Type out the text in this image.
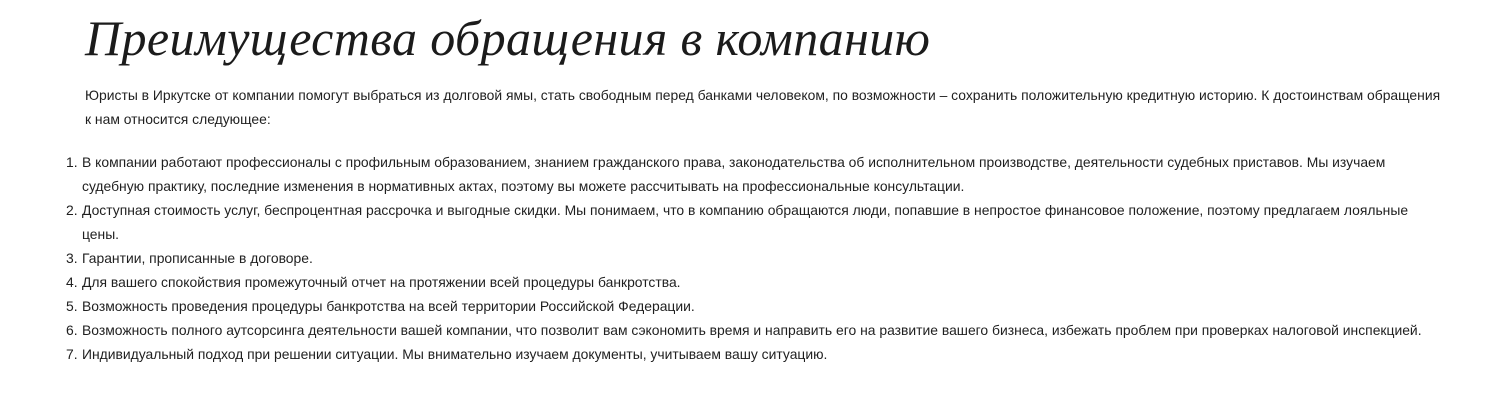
Преимущества обращения в компанию

Юристы в Иркутске от компании помогут выбраться из долговой ямы, стать свободным перед банками человеком, по возможности – сохранить положительную кредитную историю. К достоинствам обращения к нам относится следующее:

1. В компании работают профессионалы с профильным образованием, знанием гражданского права, законодательства об исполнительном производстве, деятельности судебных приставов. Мы изучаем судебную практику, последние изменения в нормативных актах, поэтому вы можете рассчитывать на профессиональные консультации.
2. Доступная стоимость услуг, беспроцентная рассрочка и выгодные скидки. Мы понимаем, что в компанию обращаются люди, попавшие в непростое финансовое положение, поэтому предлагаем лояльные цены.
3. Гарантии, прописанные в договоре.
4. Для вашего спокойствия промежуточный отчет на протяжении всей процедуры банкротства.
5. Возможность проведения процедуры банкротства на всей территории Российской Федерации.
6. Возможность полного аутсорсинга деятельности вашей компании, что позволит вам сэкономить время и направить его на развитие вашего бизнеса, избежать проблем при проверках налоговой инспекцией.
7. Индивидуальный подход при решении ситуации. Мы внимательно изучаем документы, учитываем вашу ситуацию.
